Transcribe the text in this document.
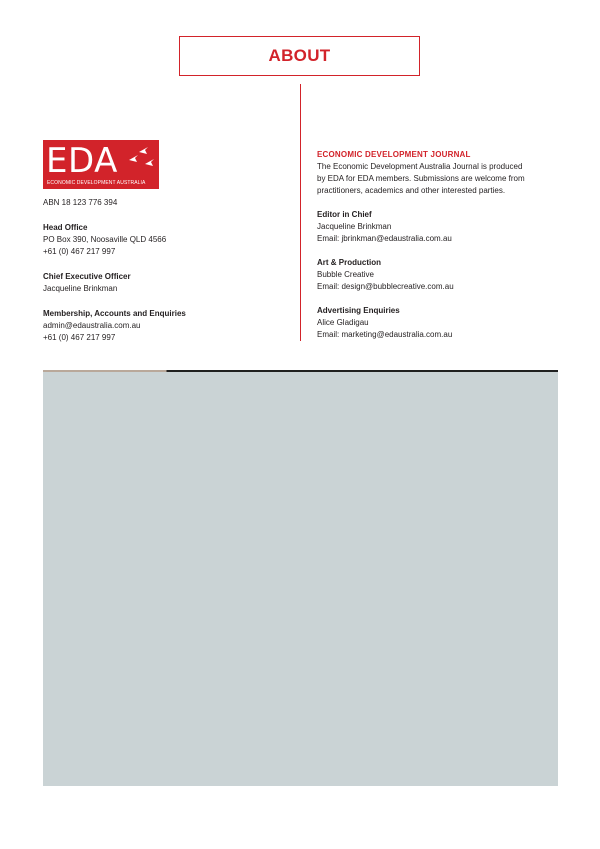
ABOUT
EDA
ECONOMIC DEVELOPMENT AUSTRALIA
ABN 18 123 776 394
Head Office
PO Box 390, Noosaville QLD 4566
+61 (0) 467 217 997
Chief Executive Officer
Jacqueline Brinkman
Membership, Accounts and Enquiries
admin@edaustralia.com.au
+61 (0) 467 217 997
ECONOMIC DEVELOPMENT JOURNAL
The Economic Development Australia Journal is produced
by EDA for EDA members. Submissions are welcome from
practitioners, academics and other interested parties.
Editor in Chief
Jacqueline Brinkman
Email: jbrinkman@edaustralia.com.au
Art & Production
Bubble Creative
Email: design@bubblecreative.com.au
Advertising Enquiries
Alice Gladigau
Email: marketing@edaustralia.com.au
